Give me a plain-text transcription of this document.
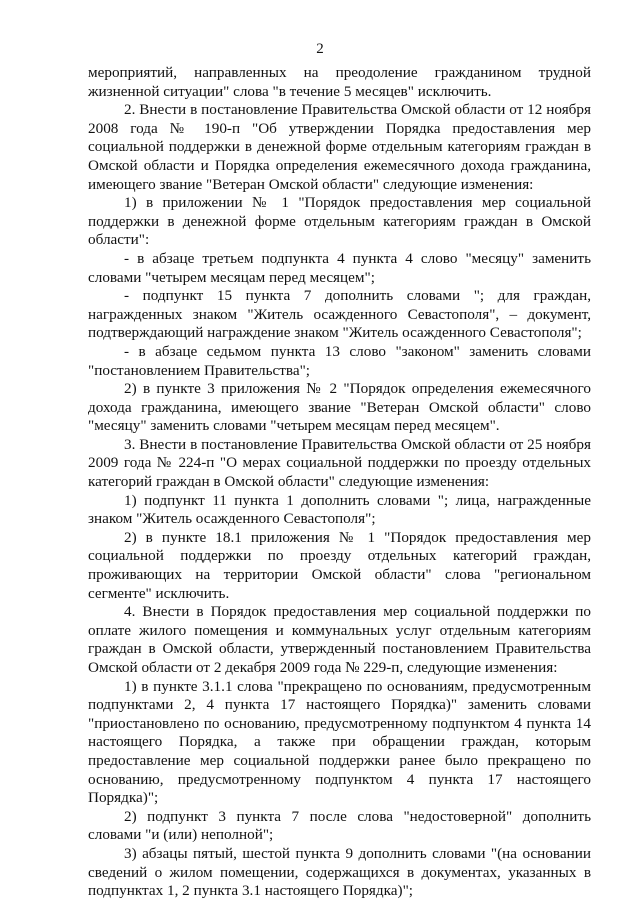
2

мероприятий, направленных на преодоление гражданином трудной жизненной ситуации" слова "в течение 5 месяцев" исключить.

2. Внести в постановление Правительства Омской области от 12 ноября 2008 года № 190-п "Об утверждении Порядка предоставления мер социальной поддержки в денежной форме отдельным категориям граждан в Омской области и Порядка определения ежемесячного дохода гражданина, имеющего звание "Ветеран Омской области" следующие изменения:

1) в приложении № 1 "Порядок предоставления мер социальной поддержки в денежной форме отдельным категориям граждан в Омской области":

- в абзаце третьем подпункта 4 пункта 4 слово "месяцу" заменить словами "четырем месяцам перед месяцем";

- подпункт 15 пункта 7 дополнить словами "; для граждан, награжденных знаком "Житель осажденного Севастополя", – документ, подтверждающий награждение знаком "Житель осажденного Севастополя";

- в абзаце седьмом пункта 13 слово "законом" заменить словами "постановлением Правительства";

2) в пункте 3 приложения № 2 "Порядок определения ежемесячного дохода гражданина, имеющего звание "Ветеран Омской области" слово "месяцу" заменить словами "четырем месяцам перед месяцем".

3. Внести в постановление Правительства Омской области от 25 ноября 2009 года № 224-п "О мерах социальной поддержки по проезду отдельных категорий граждан в Омской области" следующие изменения:

1) подпункт 11 пункта 1 дополнить словами "; лица, награжденные знаком "Житель осажденного Севастополя";

2) в пункте 18.1 приложения № 1 "Порядок предоставления мер социальной поддержки по проезду отдельных категорий граждан, проживающих на территории Омской области" слова "региональном сегменте" исключить.

4. Внести в Порядок предоставления мер социальной поддержки по оплате жилого помещения и коммунальных услуг отдельным категориям граждан в Омской области, утвержденный постановлением Правительства Омской области от 2 декабря 2009 года № 229-п, следующие изменения:

1) в пункте 3.1.1 слова "прекращено по основаниям, предусмотренным подпунктами 2, 4 пункта 17 настоящего Порядка)" заменить словами "приостановлено по основанию, предусмотренному подпунктом 4 пункта 14 настоящего Порядка, а также при обращении граждан, которым предоставление мер социальной поддержки ранее было прекращено по основанию, предусмотренному подпунктом 4 пункта 17 настоящего Порядка)";

2) подпункт 3 пункта 7 после слова "недостоверной" дополнить словами "и (или) неполной";

3) абзацы пятый, шестой пункта 9 дополнить словами "(на основании сведений о жилом помещении, содержащихся в документах, указанных в подпунктах 1, 2 пункта 3.1 настоящего Порядка)";
